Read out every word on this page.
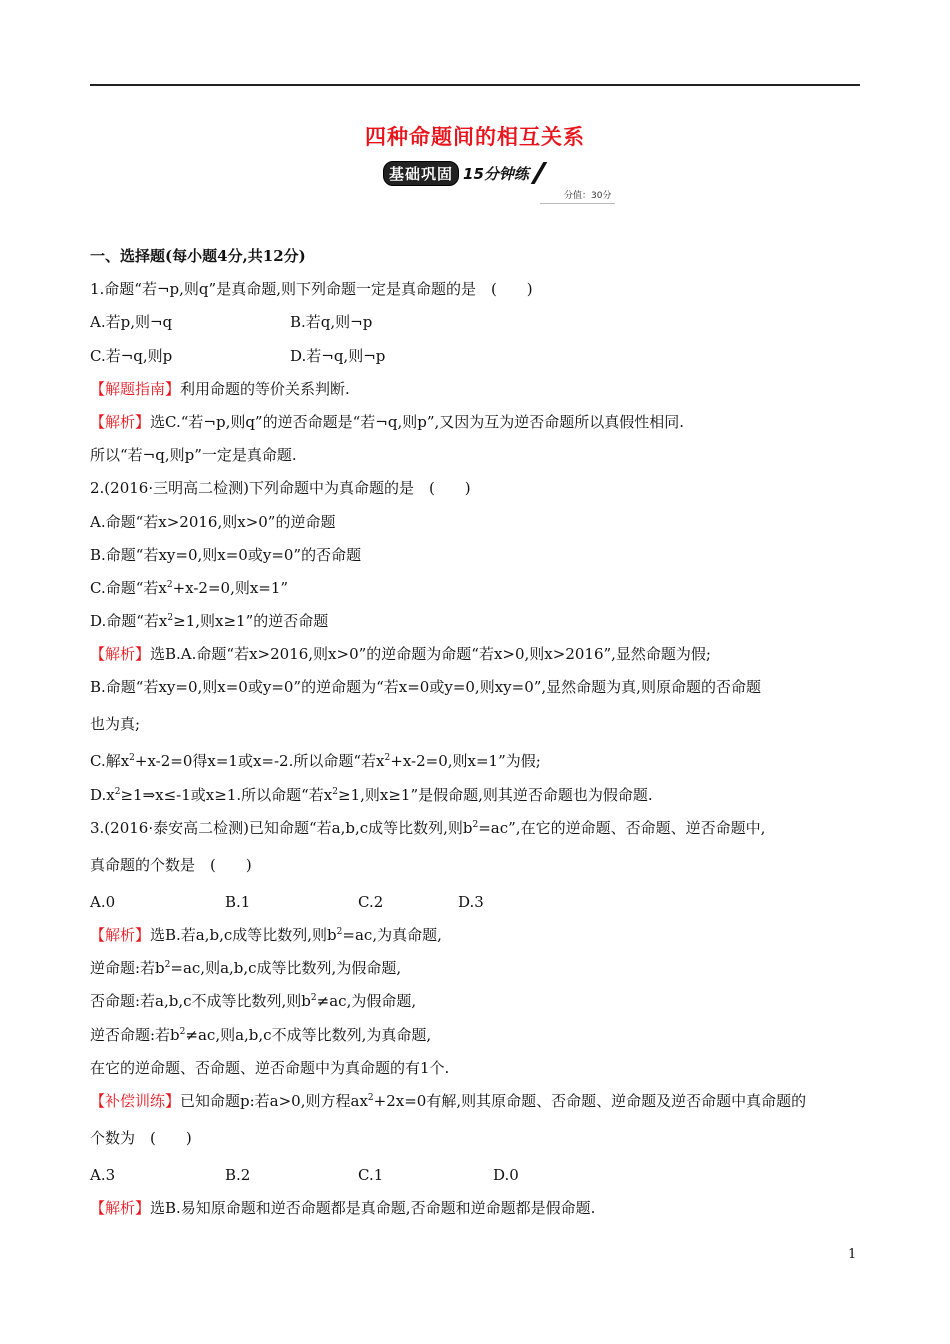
四种命题间的相互关系
基础巩固 15分钟练
分值：30分
一、选择题(每小题4分,共12分)
1.命题“若¬p,则q”是真命题,则下列命题一定是真命题的是　(　　)
A.若p,则¬q	B.若q,则¬p
C.若¬q,则p	D.若¬q,则¬p
【解题指南】利用命题的等价关系判断.
【解析】选C.“若¬p,则q”的逆否命题是“若¬q,则p”,又因为互为逆否命题所以真假性相同.
所以“若¬q,则p”一定是真命题.
2.(2016·三明高二检测)下列命题中为真命题的是　(　　)
A.命题“若x>2016,则x>0”的逆命题
B.命题“若xy=0,则x=0或y=0”的否命题
C.命题“若$x^2+x-2=0$,则x=1”
D.命题“若$x^2\ge 1$,则x≥1”的逆否命题
【解析】选B.A.命题“若x>2016,则x>0”的逆命题为命题“若x>0,则x>2016”,显然命题为假;
B.命题“若xy=0,则x=0或y=0”的逆命题为“若x=0或y=0,则xy=0”,显然命题为真,则原命题的否命题
也为真;
C.解$x^2+x-2=0$得x=1或x=-2.所以命题“若$x^2+x-2=0$,则x=1”为假;
$D.x^2\ge 1\Rightarrow x\le-1$或x≥1.所以命题“若$x^2\ge 1$,则x≥1”是假命题,则其逆否命题也为假命题.
3.(2016·泰安高二检测)已知命题“若a,b,c成等比数列,则$b^2=ac$”,在它的逆命题、否命题、逆否命题中,
真命题的个数是　(　　)
A.0	B.1	C.2	D.3
【解析】选B.若a,b,c成等比数列,则$b^2=ac$,为真命题,
逆命题:若$b^2=ac$,则a,b,c成等比数列,为假命题,
否命题:若a,b,c不成等比数列,则$b^2\ne ac$,为假命题,
逆否命题:若$b^2\ne ac$,则a,b,c不成等比数列,为真命题,
在它的逆命题、否命题、逆否命题中为真命题的有1个.
【补偿训练】已知命题p:若a>0,则方程$ax^2+2x=0$有解,则其原命题、否命题、逆命题及逆否命题中真命题的
个数为　(　　)
A.3	B.2	C.1	D.0
【解析】选B.易知原命题和逆否命题都是真命题,否命题和逆命题都是假命题.
1
